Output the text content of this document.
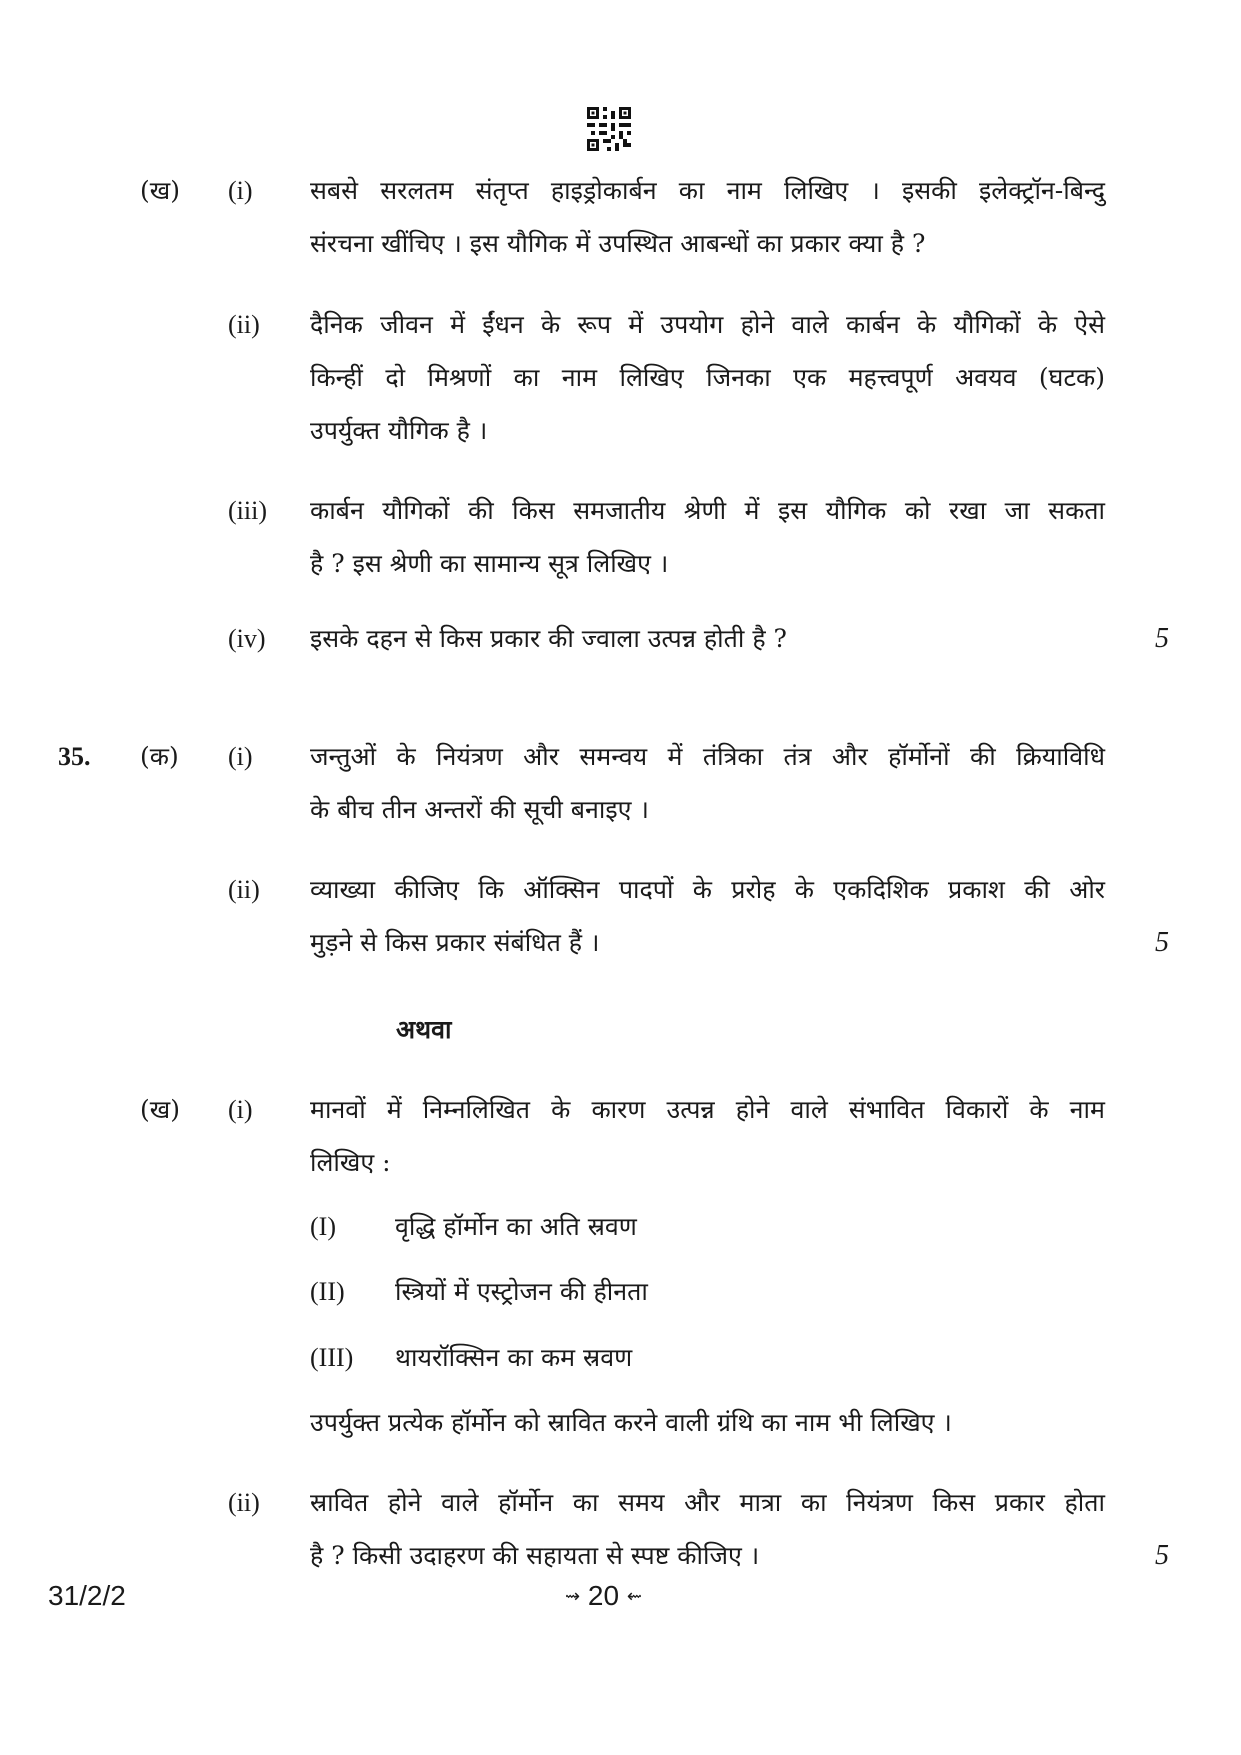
(ख) (i) सबसे सरलतम संतृप्त हाइड्रोकार्बन का नाम लिखिए । इसकी इलेक्ट्रॉन-बिन्दु
संरचना खींचिए । इस यौगिक में उपस्थित आबन्धों का प्रकार क्या है ?
(ii) दैनिक जीवन में ईंधन के रूप में उपयोग होने वाले कार्बन के यौगिकों के ऐसे
किन्हीं दो मिश्रणों का नाम लिखिए जिनका एक महत्त्वपूर्ण अवयव (घटक)
उपर्युक्त यौगिक है ।
(iii) कार्बन यौगिकों की किस समजातीय श्रेणी में इस यौगिक को रखा जा सकता
है ? इस श्रेणी का सामान्य सूत्र लिखिए ।
(iv) इसके दहन से किस प्रकार की ज्वाला उत्पन्न होती है ?	5
35. (क) (i) जन्तुओं के नियंत्रण और समन्वय में तंत्रिका तंत्र और हॉर्मोनों की क्रियाविधि
के बीच तीन अन्तरों की सूची बनाइए ।
(ii) व्याख्या कीजिए कि ऑक्सिन पादपों के प्ररोह के एकदिशिक प्रकाश की ओर
मुड़ने से किस प्रकार संबंधित हैं ।	5
अथवा
(ख) (i) मानवों में निम्नलिखित के कारण उत्पन्न होने वाले संभावित विकारों के नाम
लिखिए :
(I) वृद्धि हॉर्मोन का अति स्रवण
(II) स्त्रियों में एस्ट्रोजन की हीनता
(III) थायरॉक्सिन का कम स्रवण
उपर्युक्त प्रत्येक हॉर्मोन को स्रावित करने वाली ग्रंथि का नाम भी लिखिए ।
(ii) स्रावित होने वाले हॉर्मोन का समय और मात्रा का नियंत्रण किस प्रकार होता
है ? किसी उदाहरण की सहायता से स्पष्ट कीजिए ।	5
31/2/2	⇝ 20 ⇜
